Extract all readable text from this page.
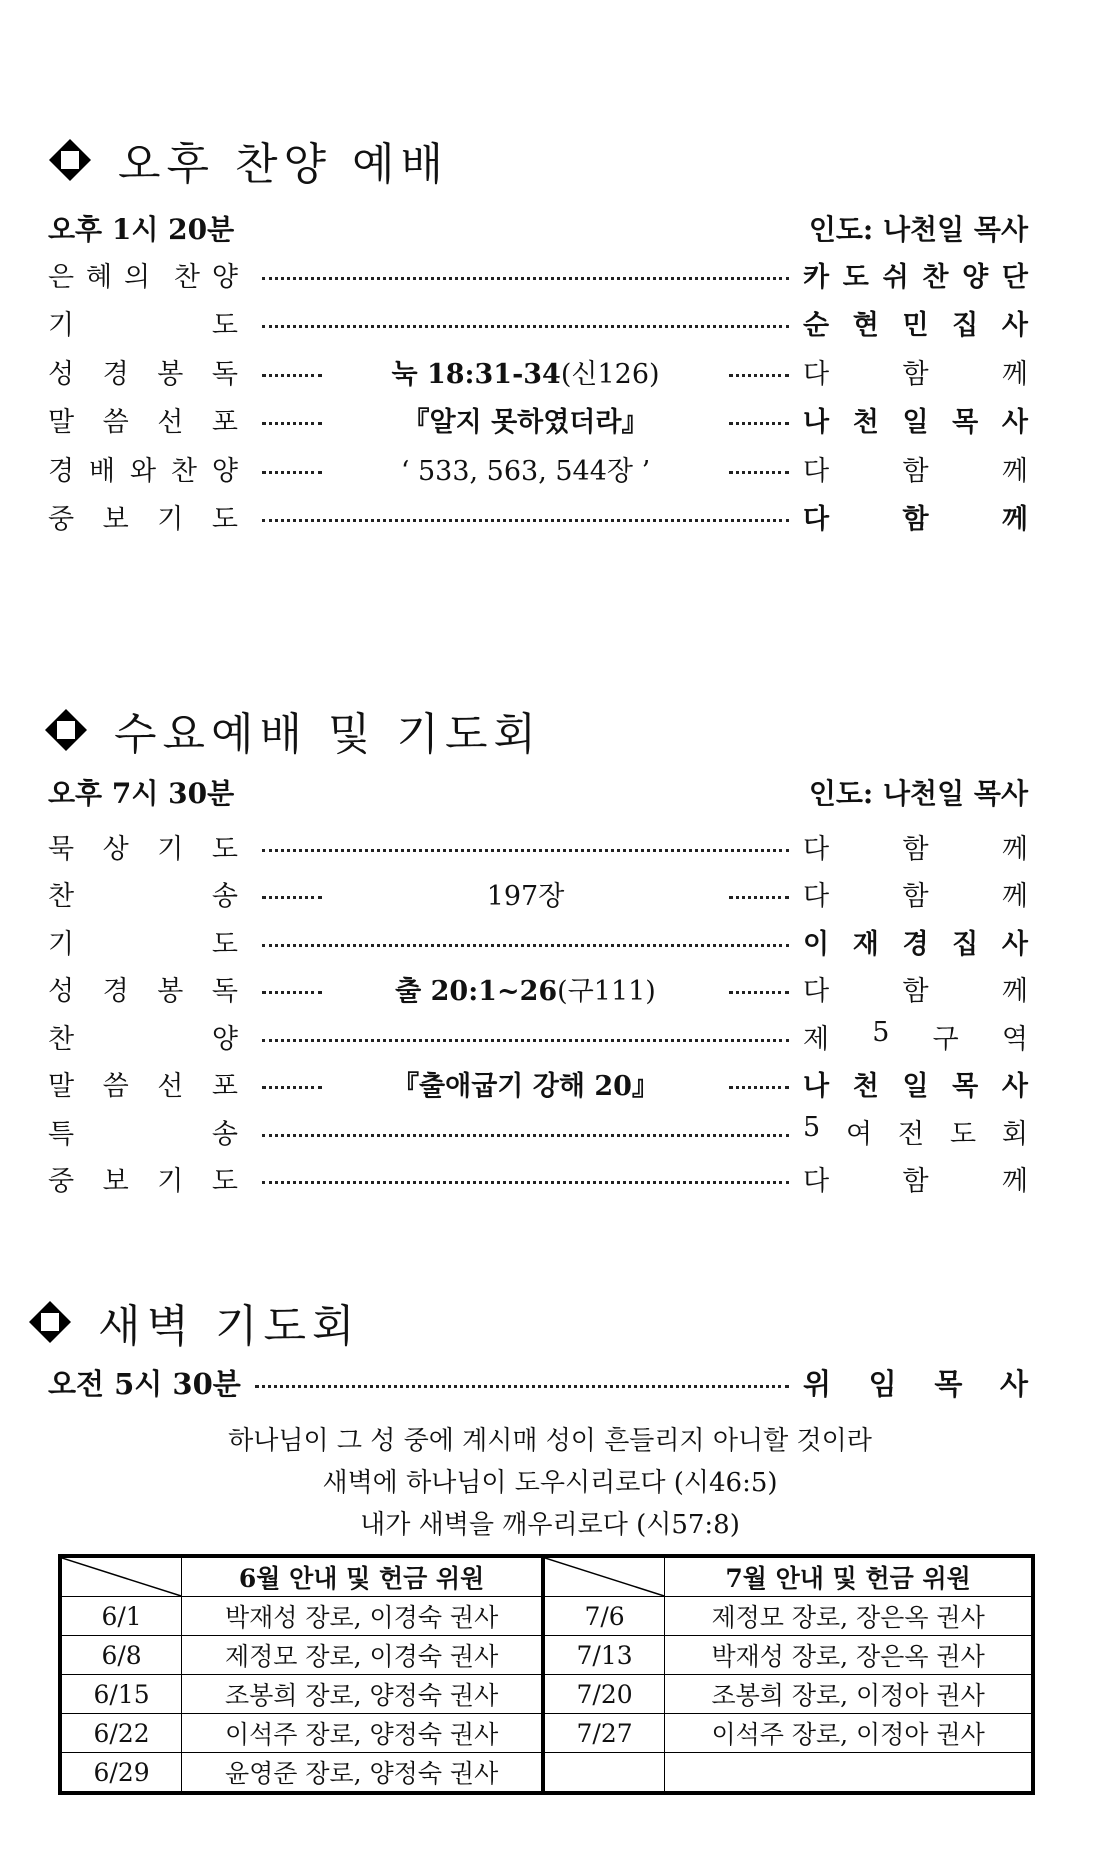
오후 찬양 예배
오후 1시 20분	인도: 나천일 목사
은 혜 의 찬 양	카 도 쉬 찬 양 단
기	도	순 현 민 집 사
성 경 봉 독	눅 18:31-34(신126)	다	함	께
말 씀 선 포	『알지 못하였더라』	나 천 일 목 사
경 배 와 찬 양	‘ 533, 563, 544장 ’	다	함	께
중 보 기 도	다	함	께
수요예배 및 기도회
오후 7시 30분	인도: 나천일 목사
묵 상 기 도	다	함	께
찬	송	197장	다	함	께
기	도	이 재 경 집 사
성 경 봉 독	출 20:1~26(구111)	다	함	께
찬	양	제 5 구 역
말 씀 선 포	『출애굽기 강해 20』	나 천 일 목 사
특	송	5 여 전 도 회
중 보 기 도	다	함	께
새벽 기도회
오전 5시 30분	위 임 목 사
하나님이 그 성 중에 계시매 성이 흔들리지 아니할 것이라
새벽에 하나님이 도우시리로다 (시46:5)
내가 새벽을 깨우리로다 (시57:8)
	6월 안내 및 헌금 위원		7월 안내 및 헌금 위원
6/1	박재성 장로, 이경숙 권사	7/6	제정모 장로, 장은옥 권사
6/8	제정모 장로, 이경숙 권사	7/13	박재성 장로, 장은옥 권사
6/15	조봉희 장로, 양정숙 권사	7/20	조봉희 장로, 이정아 권사
6/22	이석주 장로, 양정숙 권사	7/27	이석주 장로, 이정아 권사
6/29	윤영준 장로, 양정숙 권사		
